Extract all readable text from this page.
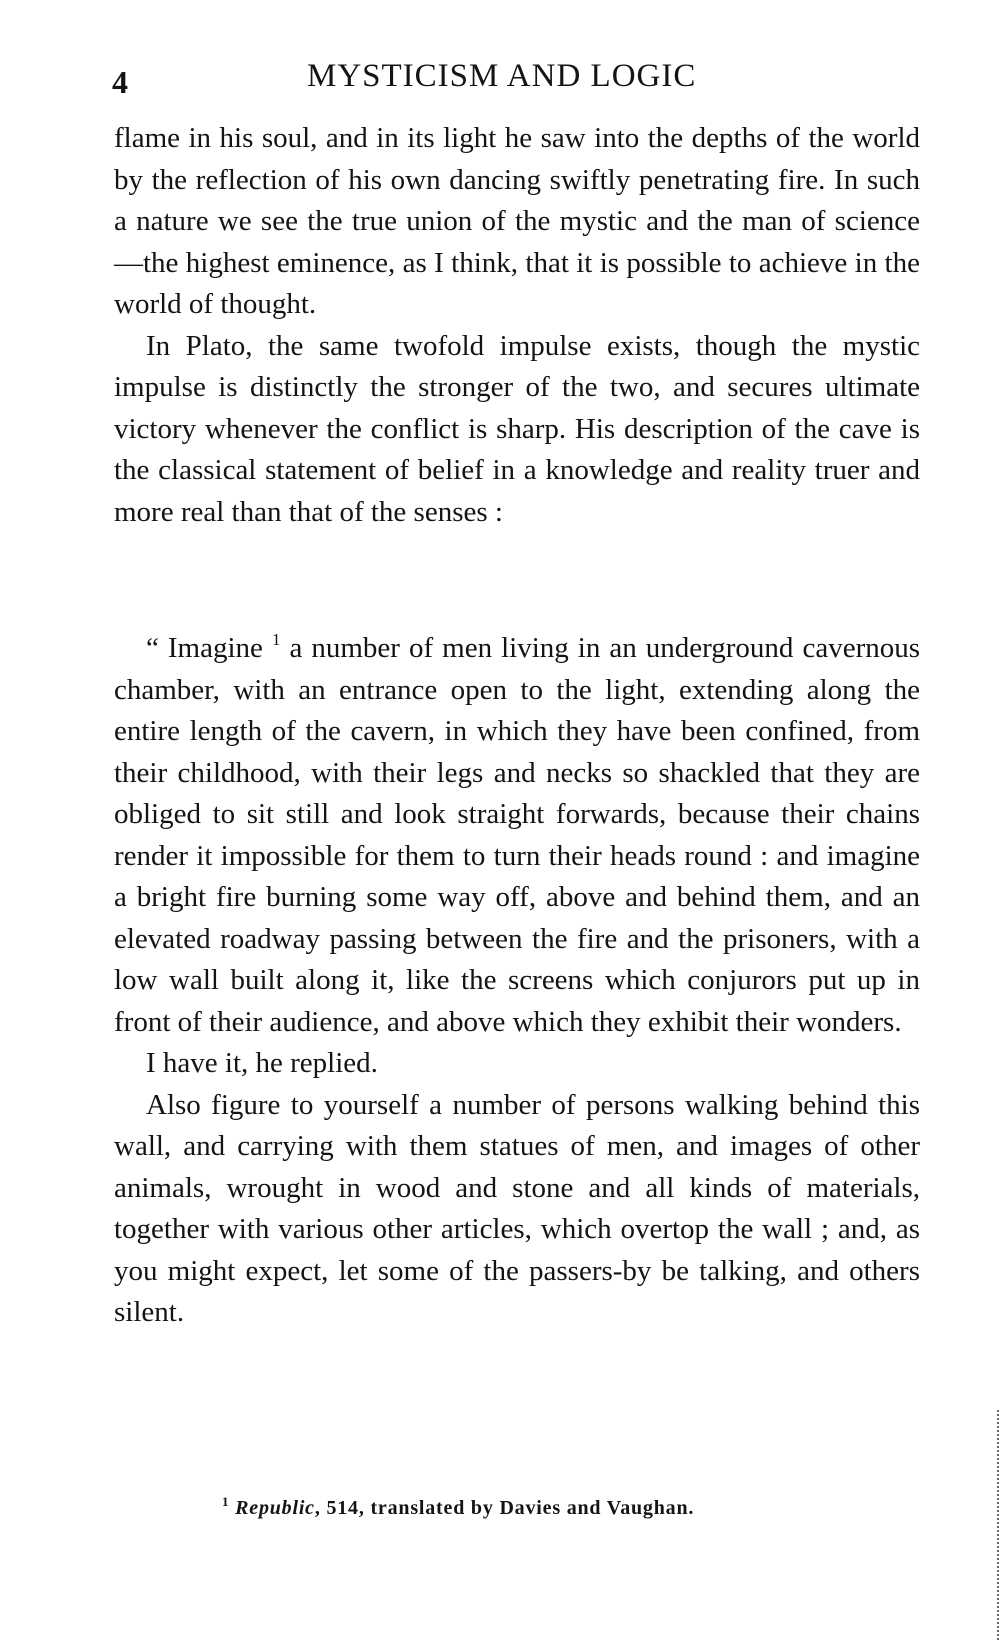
4	MYSTICISM AND LOGIC

flame in his soul, and in its light he saw into the depths of the world by the reflection of his own dancing swiftly penetrating fire. In such a nature we see the true union of the mystic and the man of science—the highest eminence, as I think, that it is possible to achieve in the world of thought.

In Plato, the same twofold impulse exists, though the mystic impulse is distinctly the stronger of the two, and secures ultimate victory whenever the conflict is sharp. His description of the cave is the classical statement of belief in a knowledge and reality truer and more real than that of the senses :

“ Imagine $^1$ a number of men living in an underground cavernous chamber, with an entrance open to the light, extending along the entire length of the cavern, in which they have been confined, from their childhood, with their legs and necks so shackled that they are obliged to sit still and look straight forwards, because their chains render it impossible for them to turn their heads round : and imagine a bright fire burning some way off, above and behind them, and an elevated roadway passing between the fire and the prisoners, with a low wall built along it, like the screens which conjurors put up in front of their audience, and above which they exhibit their wonders.

I have it, he replied.

Also figure to yourself a number of persons walking behind this wall, and carrying with them statues of men, and images of other animals, wrought in wood and stone and all kinds of materials, together with various other articles, which overtop the wall ; and, as you might expect, let some of the passers-by be talking, and others silent.

$^1$ Republic, 514, translated by Davies and Vaughan.
